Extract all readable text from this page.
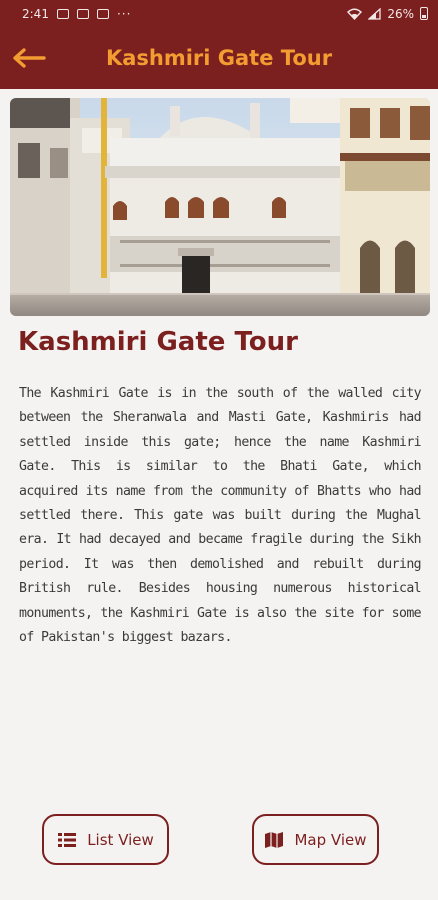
2:41	···	26%
Kashmiri Gate Tour
Kashmiri Gate Tour

The Kashmiri Gate is in the south of the walled city between the Sheranwala and Masti Gate, Kashmiris had settled inside this gate; hence the name Kashmiri Gate. This is similar to the Bhati Gate, which acquired its name from the community of Bhatts who had settled there. This gate was built during the Mughal era. It had decayed and became fragile during the Sikh period. It was then demolished and rebuilt during British rule. Besides housing numerous historical monuments, the Kashmiri Gate is also the site for some of Pakistan's biggest bazars.

List View	Map View
